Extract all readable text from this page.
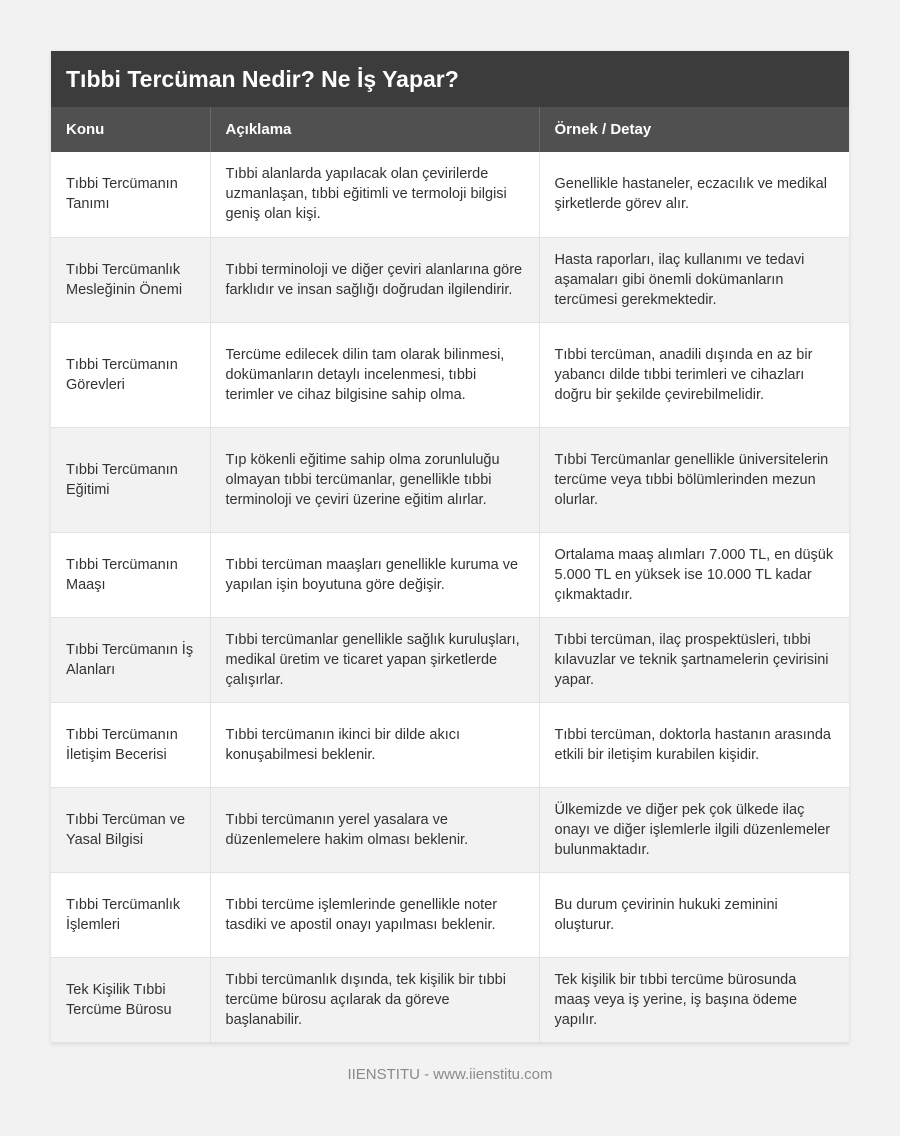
Tıbbi Tercüman Nedir? Ne İş Yapar?
Konu	Açıklama	Örnek / Detay
Tıbbi Tercümanın Tanımı	Tıbbi alanlarda yapılacak olan çevirilerde uzmanlaşan, tıbbi eğitimli ve termoloji bilgisi geniş olan kişi.	Genellikle hastaneler, eczacılık ve medikal şirketlerde görev alır.
Tıbbi Tercümanlık Mesleğinin Önemi	Tıbbi terminoloji ve diğer çeviri alanlarına göre farklıdır ve insan sağlığı doğrudan ilgilendirir.	Hasta raporları, ilaç kullanımı ve tedavi aşamaları gibi önemli dokümanların tercümesi gerekmektedir.
Tıbbi Tercümanın Görevleri	Tercüme edilecek dilin tam olarak bilinmesi, dokümanların detaylı incelenmesi, tıbbi terimler ve cihaz bilgisine sahip olma.	Tıbbi tercüman, anadili dışında en az bir yabancı dilde tıbbi terimleri ve cihazları doğru bir şekilde çevirebilmelidir.
Tıbbi Tercümanın Eğitimi	Tıp kökenli eğitime sahip olma zorunluluğu olmayan tıbbi tercümanlar, genellikle tıbbi terminoloji ve çeviri üzerine eğitim alırlar.	Tıbbi Tercümanlar genellikle üniversitelerin tercüme veya tıbbi bölümlerinden mezun olurlar.
Tıbbi Tercümanın Maaşı	Tıbbi tercüman maaşları genellikle kuruma ve yapılan işin boyutuna göre değişir.	Ortalama maaş alımları 7.000 TL, en düşük 5.000 TL en yüksek ise 10.000 TL kadar çıkmaktadır.
Tıbbi Tercümanın İş Alanları	Tıbbi tercümanlar genellikle sağlık kuruluşları, medikal üretim ve ticaret yapan şirketlerde çalışırlar.	Tıbbi tercüman, ilaç prospektüsleri, tıbbi kılavuzlar ve teknik şartnamelerin çevirisini yapar.
Tıbbi Tercümanın İletişim Becerisi	Tıbbi tercümanın ikinci bir dilde akıcı konuşabilmesi beklenir.	Tıbbi tercüman, doktorla hastanın arasında etkili bir iletişim kurabilen kişidir.
Tıbbi Tercüman ve Yasal Bilgisi	Tıbbi tercümanın yerel yasalara ve düzenlemelere hakim olması beklenir.	Ülkemizde ve diğer pek çok ülkede ilaç onayı ve diğer işlemlerle ilgili düzenlemeler bulunmaktadır.
Tıbbi Tercümanlık İşlemleri	Tıbbi tercüme işlemlerinde genellikle noter tasdiki ve apostil onayı yapılması beklenir.	Bu durum çevirinin hukuki zeminini oluşturur.
Tek Kişilik Tıbbi Tercüme Bürosu	Tıbbi tercümanlık dışında, tek kişilik bir tıbbi tercüme bürosu açılarak da göreve başlanabilir.	Tek kişilik bir tıbbi tercüme bürosunda maaş veya iş yerine, iş başına ödeme yapılır.
IIENSTITU - www.iienstitu.com
